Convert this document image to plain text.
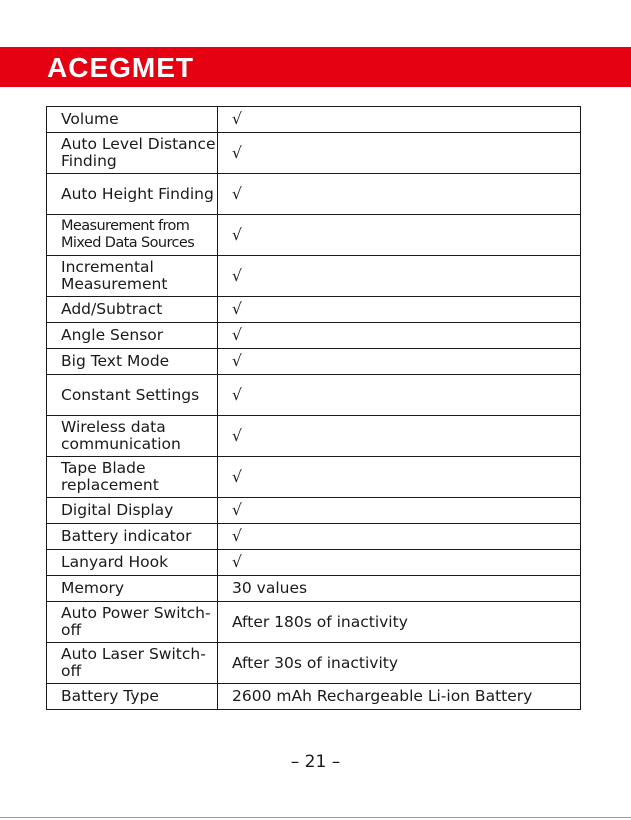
ACEGMET
Volume	√
Auto Level Distance Finding	√
Auto Height Finding	√
Measurement from Mixed Data Sources	√
Incremental Measurement	√
Add/Subtract	√
Angle Sensor	√
Big Text Mode	√
Constant Settings	√
Wireless data communication	√
Tape Blade replacement	√
Digital Display	√
Battery indicator	√
Lanyard Hook	√
Memory	30 values
Auto Power Switch-off	After 180s of inactivity
Auto Laser Switch-off	After 30s of inactivity
Battery Type	2600 mAh Rechargeable Li-ion Battery
– 21 –
